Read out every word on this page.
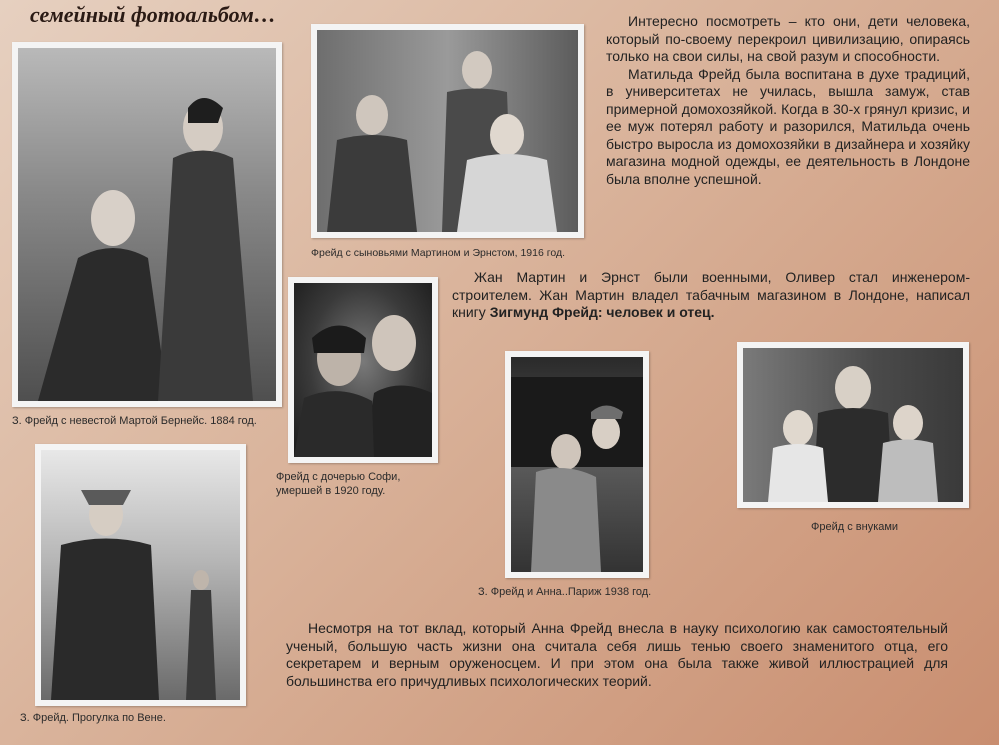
семейный фотоальбом…
З. Фрейд с невестой Мартой Бернейс. 1884 год.
Фрейд с сыновьями Мартином и Эрнстом, 1916 год.
Фрейд с дочерью Софи,
умершей в 1920 году.
З. Фрейд и Анна..Париж 1938 год.
Фрейд с внуками
З. Фрейд. Прогулка по Вене.

Интересно посмотреть – кто они, дети человека, который по-своему перекроил цивилизацию, опираясь только на свои силы, на свой разум и способности.

Матильда Фрейд была воспитана в духе традиций, в университетах не училась, вышла замуж, став примерной домохозяйкой. Когда в 30-х грянул кризис, и ее муж потерял работу и разорился, Матильда очень быстро выросла из домохозяйки в дизайнера и хозяйку магазина модной одежды, ее деятельность в Лондоне была вполне успешной.

Жан Мартин и Эрнст были военными, Оливер стал инженером-строителем. Жан Мартин владел табачным магазином в Лондоне, написал книгу Зигмунд Фрейд: человек и отец.

Несмотря на тот вклад, который Анна Фрейд внесла в науку психологию как самостоятельный ученый, большую часть жизни она считала себя лишь тенью своего знаменитого отца, его секретарем и верным оруженосцем. И при этом она была также живой иллюстрацией для большинства его причудливых психологических теорий.
